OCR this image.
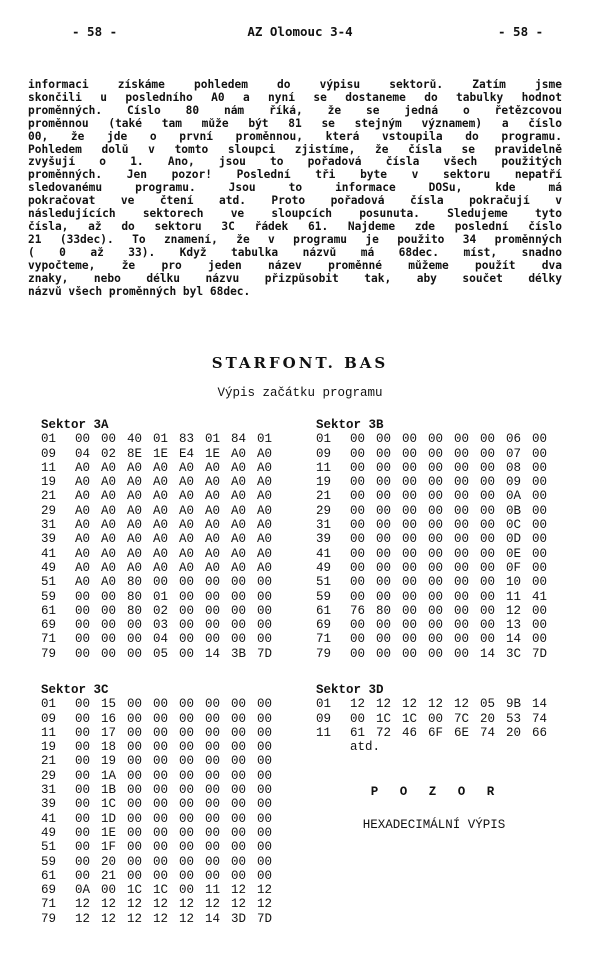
- 58 -	AZ Olomouc 3-4	- 58 -
informaci získáme pohledem do výpisu sektorů. Zatím jsme
skončili u posledního A0 a nyní se dostaneme do tabulky hodnot
proměnných. Číslo 80 nám říká, že se jedná o řetězcovou
proměnnou (také tam může být 81 se stejným významem) a číslo
00, že jde o první proměnnou, která vstoupila do programu.
Pohledem dolů v tomto sloupci zjistíme, že čísla se pravidelně
zvyšují o 1. Ano, jsou to pořadová čísla všech použitých
proměnných. Jen pozor! Poslední tři byte v sektoru nepatří
sledovanému programu. Jsou to informace DOSu, kde má
pokračovat ve čtení atd. Proto pořadová čísla pokračují v
následujících sektorech ve sloupcích posunuta. Sledujeme tyto
čísla, až do sektoru 3C řádek 61. Najdeme zde poslední číslo
21 (33dec). To znamení, že v programu je použito 34 proměnných
( 0 až 33). Když tabulka názvů má 68dec. míst, snadno
vypočteme, že pro jeden název proměnné můžeme použít dva
znaky, nebo délku názvu přizpůsobit tak, aby součet délky
názvů všech proměnných byl 68dec.
STARFONT. BAS
Výpis začátku programu
Sektor 3A
01 00 00 40 01 83 01 84 01
09 04 02 8E 1E E4 1E A0 A0
11 A0 A0 A0 A0 A0 A0 A0 A0
19 A0 A0 A0 A0 A0 A0 A0 A0
21 A0 A0 A0 A0 A0 A0 A0 A0
29 A0 A0 A0 A0 A0 A0 A0 A0
31 A0 A0 A0 A0 A0 A0 A0 A0
39 A0 A0 A0 A0 A0 A0 A0 A0
41 A0 A0 A0 A0 A0 A0 A0 A0
49 A0 A0 A0 A0 A0 A0 A0 A0
51 A0 A0 80 00 00 00 00 00
59 00 00 80 01 00 00 00 00
61 00 00 80 02 00 00 00 00
69 00 00 00 03 00 00 00 00
71 00 00 00 04 00 00 00 00
79 00 00 00 05 00 14 3B 7D
Sektor 3B
01 00 00 00 00 00 00 06 00
09 00 00 00 00 00 00 07 00
11 00 00 00 00 00 00 08 00
19 00 00 00 00 00 00 09 00
21 00 00 00 00 00 00 0A 00
29 00 00 00 00 00 00 0B 00
31 00 00 00 00 00 00 0C 00
39 00 00 00 00 00 00 0D 00
41 00 00 00 00 00 00 0E 00
49 00 00 00 00 00 00 0F 00
51 00 00 00 00 00 00 10 00
59 00 00 00 00 00 00 11 41
61 76 80 00 00 00 00 12 00
69 00 00 00 00 00 00 13 00
71 00 00 00 00 00 00 14 00
79 00 00 00 00 00 14 3C 7D
Sektor 3C
01 00 15 00 00 00 00 00 00
09 00 16 00 00 00 00 00 00
11 00 17 00 00 00 00 00 00
19 00 18 00 00 00 00 00 00
21 00 19 00 00 00 00 00 00
29 00 1A 00 00 00 00 00 00
31 00 1B 00 00 00 00 00 00
39 00 1C 00 00 00 00 00 00
41 00 1D 00 00 00 00 00 00
49 00 1E 00 00 00 00 00 00
51 00 1F 00 00 00 00 00 00
59 00 20 00 00 00 00 00 00
61 00 21 00 00 00 00 00 00
69 0A 00 1C 1C 00 11 12 12
71 12 12 12 12 12 12 12 12
79 12 12 12 12 12 14 3D 7D
Sektor 3D
01 12 12 12 12 12 05 9B 14
09 00 1C 1C 00 7C 20 53 74
11 61 72 46 6F 6E 74 20 66
atd.
P O Z O R
HEXADECIMÁLNÍ VÝPIS
